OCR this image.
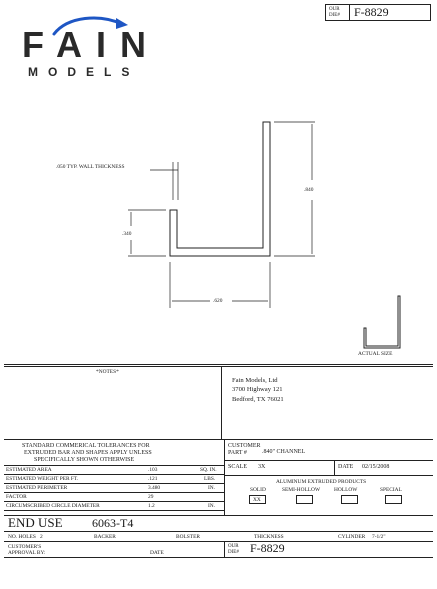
FAIN
MODELS
OUR DIE#	F-8829
.050 TYP. WALL THICKNESS
.840
.340
.620
ACTUAL SIZE
*NOTES*
Fain Models, Ltd
3700 Highway 121
Bedford, TX 76021
STANDARD COMMERICAL TOLERANCES FOR
EXTRUDED BAR AND SHAPES APPLY UNLESS
SPECIFICALLY SHOWN OTHERWISE
ESTIMATED AREA	.103	SQ. IN.
ESTIMATED WEIGHT PER FT.	.121	LBS.
ESTIMATED PERIMETER	3.480	IN.
FACTOR	29
CIRCUMSCRIBED CIRCLE DIAMETER	1.2	IN.
CUSTOMER
PART #	.840" CHANNEL
SCALE 3X	DATE 02/15/2008
ALUMINUM EXTRUDED PRODUCTS
SOLID	SEMI-HOLLOW	HOLLOW	SPECIAL
XX
END USE 6063-T4
NO. HOLES 2	BACKER	BOLSTER	THICKNESS	CYLINDER 7-1/2"
CUSTOMER'S APPROVAL BY:	DATE
OUR DIE# F-8829
